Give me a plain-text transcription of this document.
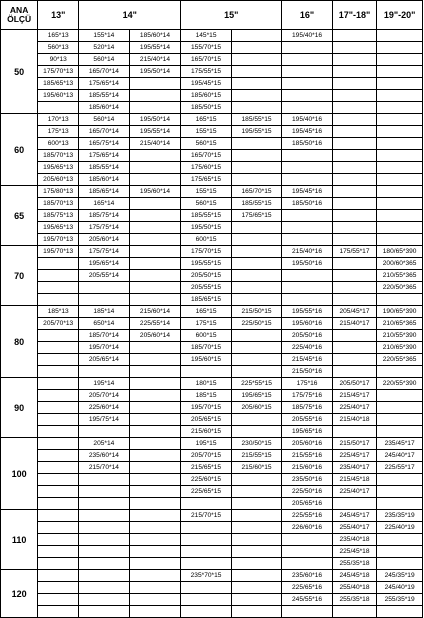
ANA
ÖLÇÜ	13"	14"		15"		16"	17"-18"	19"-20"
50	165*13	155*14	185/60*14	145*15		195/40*16		
	560*13	520*14	195/55*14	155/70*15				
	90*13	560*14	215/40*14	165/70*15				
	175/70*13	165/70*14	195/50*14	175/55*15				
	185/65*13	175/65*14		195/45*15				
	195/60*13	185/55*14		185/60*15				
		185/60*14		185/50*15				
60	170*13	560*14	195/50*14	165*15	185/55*15	195/40*16		
	175*13	165/70*14	195/55*14	155*15	195/55*15	195/45*16		
	600*13	165/75*14	215/40*14	560*15		185/50*16		
	185/70*13	175/65*14		165/70*15				
	195/65*13	185/55*14		175/60*15				
	205/60*13	185/60*14		175/65*15				
65	175/80*13	185/65*14	195/60*14	155*15	165/70*15	195/45*16		
	185/70*13	165*14		560*15	185/55*15	185/50*16		
	185/75*13	185/75*14		185/55*15	175/65*15			
	195/65*13	175/75*14		195/50*15				
	195/70*13	205/60*14		600*15				
70	195/70*13	175/75*14		175/70*15		215/40*16	175/55*17	180/65*390
		195/65*14		195/55*15		195/50*16		200/60*365
		205/55*14		205/50*15				210/55*365
				205/55*15				220/50*365
				185/65*15				
80	185*13	185*14	215/60*14	165*15	215/50*15	195/55*16	205/45*17	190/65*390
	205/70*13	650*14	225/55*14	175*15	225/50*15	195/60*16	215/40*17	210/65*365
		185/70*14	205/60*14	600*15		205/50*16		210/55*390
		195/70*14		185/70*15		225/40*16		210/65*390
		205/65*14		195/60*15		215/45*16		220/55*365
						215/50*16		
90		195*14		180*15	225*55*15	175*16	205/50*17	220/55*390
		205/70*14		185*15	195/65*15	175/75*16	215/45*17	
		225/60*14		195/70*15	205/60*15	185/75*16	225/40*17	
		195/75*14		205/65*15		205/55*16	215/40*18	
				215/60*15		195/65*16		
100		205*14		195*15	230/50*15	205/60*16	215/50*17	235/45*17
		235/60*14		205/70*15	215/55*15	215/55*16	225/45*17	245/40*17
		215/70*14		215/65*15	215/60*15	215/60*16	235/40*17	225/55*17
				225/60*15		235/50*16	215/45*18	
				225/65*15		225/50*16	225/40*17	
						205/65*16		
110				215/70*15		225/55*16	245/45*17	235/35*19
						226/60*16	255/40*17	225/40*19
							235/40*18	
							225/45*18	
							255/35*18	
120				235*70*15		235/60*16	245/45*18	245/35*19
						225/65*16	255/40*18	245/40*19
						245/55*16	255/35*18	255/35*19
